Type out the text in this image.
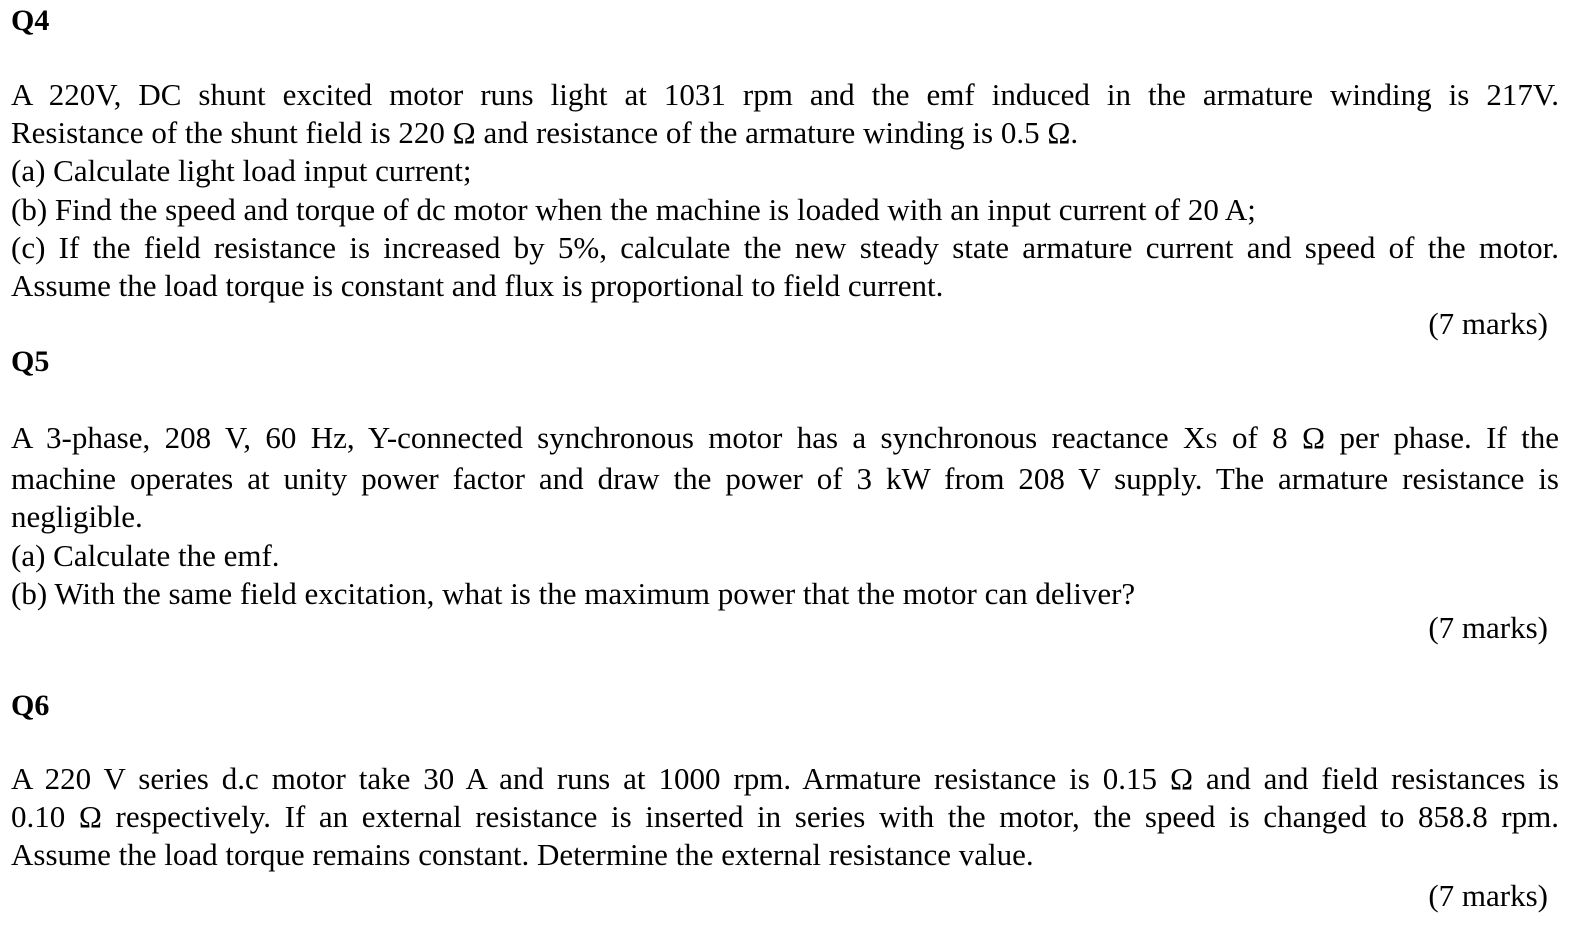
Q4
A 220V, DC shunt excited motor runs light at 1031 rpm and the emf induced in the armature winding is 217V.
Resistance of the shunt field is 220 Ω and resistance of the armature winding is 0.5 Ω.
(a) Calculate light load input current;
(b) Find the speed and torque of dc motor when the machine is loaded with an input current of 20 A;
(c) If the field resistance is increased by 5%, calculate the new steady state armature current and speed of the motor.
Assume the load torque is constant and flux is proportional to field current.
(7 marks)
Q5
A 3-phase, 208 V, 60 Hz, Y-connected synchronous motor has a synchronous reactance XS of 8 Ω per phase. If the
machine operates at unity power factor and draw the power of 3 kW from 208 V supply. The armature resistance is
negligible.
(a) Calculate the emf.
(b) With the same field excitation, what is the maximum power that the motor can deliver?
(7 marks)
Q6
A 220 V series d.c motor take 30 A and runs at 1000 rpm. Armature resistance is 0.15 Ω and and field resistances is
0.10 Ω respectively. If an external resistance is inserted in series with the motor, the speed is changed to 858.8 rpm.
Assume the load torque remains constant. Determine the external resistance value.
(7 marks)
